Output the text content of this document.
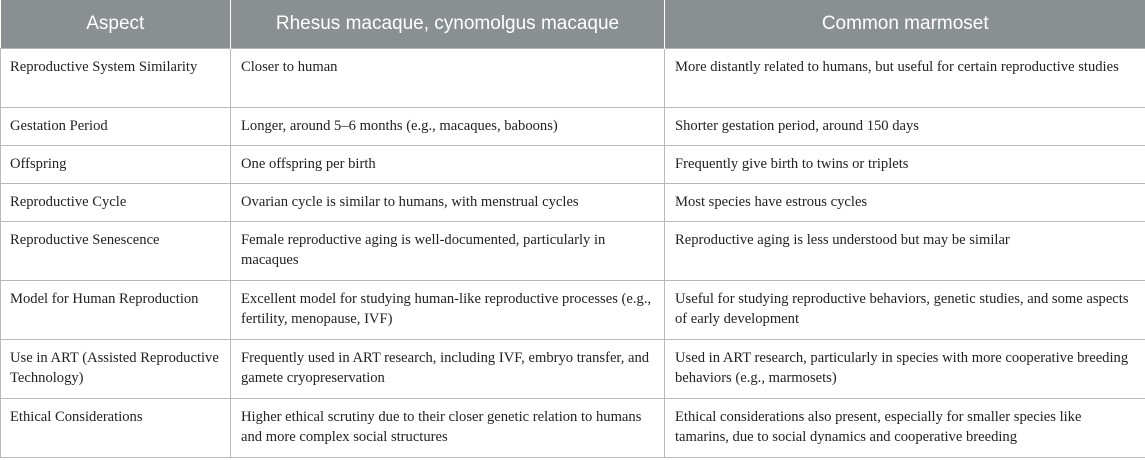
Aspect	Rhesus macaque, cynomolgus macaque	Common marmoset
Reproductive System Similarity	Closer to human	More distantly related to humans, but useful for certain reproductive studies
Gestation Period	Longer, around 5–6 months (e.g., macaques, baboons)	Shorter gestation period, around 150 days
Offspring	One offspring per birth	Frequently give birth to twins or triplets
Reproductive Cycle	Ovarian cycle is similar to humans, with menstrual cycles	Most species have estrous cycles
Reproductive Senescence	Female reproductive aging is well-documented, particularly in macaques	Reproductive aging is less understood but may be similar
Model for Human Reproduction	Excellent model for studying human-like reproductive processes (e.g., fertility, menopause, IVF)	Useful for studying reproductive behaviors, genetic studies, and some aspects of early development
Use in ART (Assisted Reproductive Technology)	Frequently used in ART research, including IVF, embryo transfer, and gamete cryopreservation	Used in ART research, particularly in species with more cooperative breeding behaviors (e.g., marmosets)
Ethical Considerations	Higher ethical scrutiny due to their closer genetic relation to humans and more complex social structures	Ethical considerations also present, especially for smaller species like tamarins, due to social dynamics and cooperative breeding
